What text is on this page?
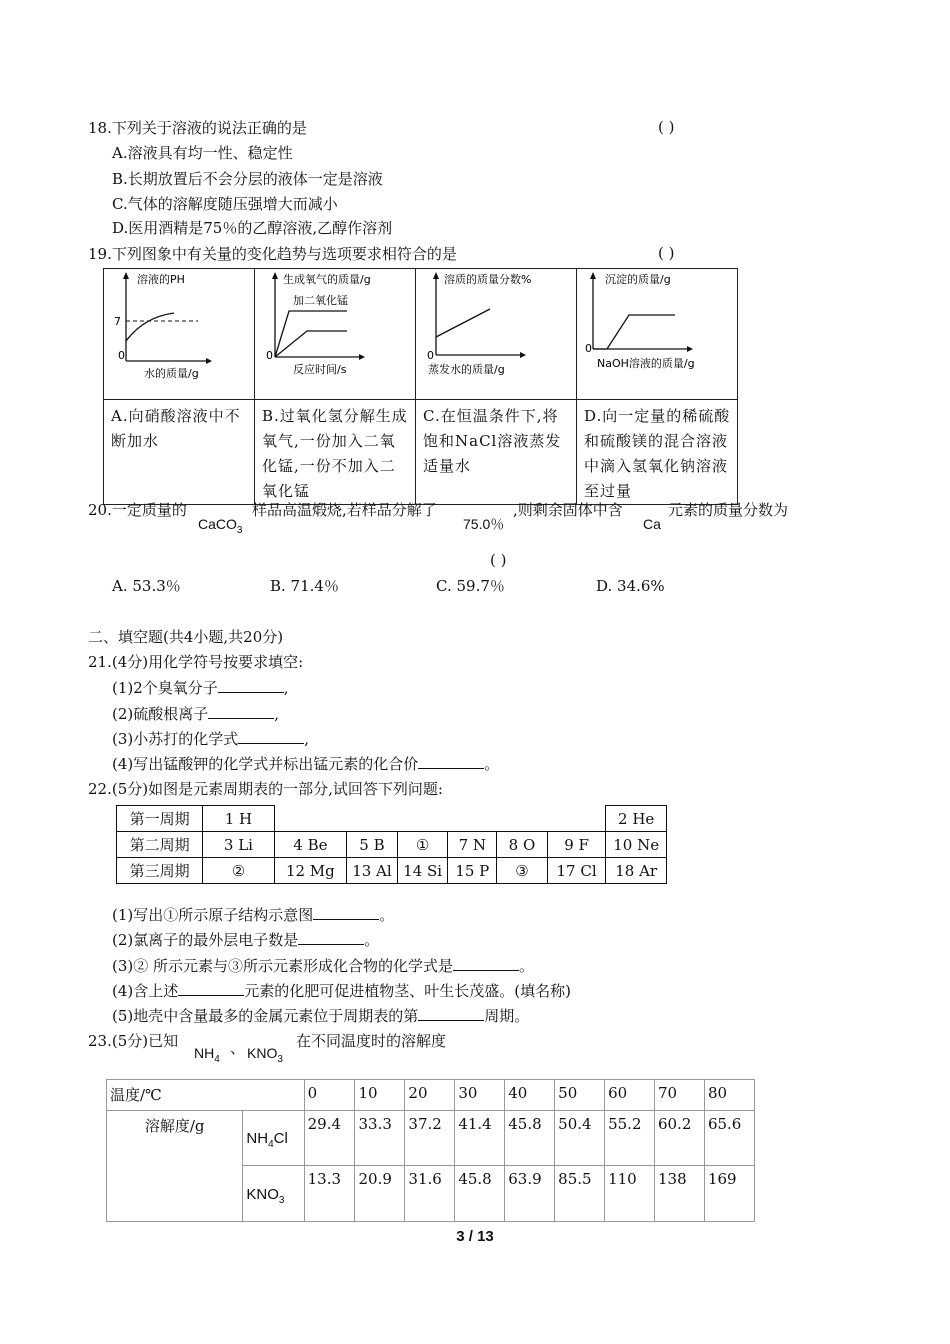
18.下列关于溶液的说法正确的是	( )
A.溶液具有均一性、稳定性
B.长期放置后不会分层的液体一定是溶液
C.气体的溶解度随压强增大而减小
D.医用酒精是75％的乙醇溶液,乙醇作溶剂
19.下列图象中有关量的变化趋势与选项要求相符合的是	( )
溶液的PH
7
0
水的质量/g	生成氧气的质量/g
加二氧化锰
0
反应时间/s	溶质的质量分数%
0
蒸发水的质量/g	沉淀的质量/g
0
NaOH溶液的质量/g

A.向硝酸溶液中不断加水	B.过氧化氢分解生成氧气,一份加入二氧化锰,一份不加入二氧化锰	C.在恒温条件下,将饱和NaCl溶液蒸发适量水	D.向一定量的稀硫酸和硫酸镁的混合溶液中滴入氢氧化钠溶液至过量
20.一定质量的
CaCO$_3$
样品高温煅烧,若样品分解了
75.0％
,则剩余固体中含
Ca
元素的质量分数为
( )
A. 53.3％	B. 71.4％	C. 59.7％	D. 34.6%
二、填空题(共4小题,共20分)
21.(4分)用化学符号按要求填空:
(1)2个臭氧分子	,
(2)硫酸根离子	,
(3)小苏打的化学式	,
(4)写出锰酸钾的化学式并标出锰元素的化合价	。
22.(5分)如图是元素周期表的一部分,试回答下列问题:
第一周期	1 H							2 He
第二周期	3 Li	4 Be	5 B	①	7 N	8 O	9 F	10 Ne
第三周期	②	12 Mg	13 Al	14 Si	15 P	③	17 Cl	18 Ar
(1)写出①所示原子结构示意图	。
(2)氯离子的最外层电子数是	。
(3)② 所示元素与③所示元素形成化合物的化学式是	。
(4)含上述	元素的化肥可促进植物茎、叶生长茂盛。(填名称)
(5)地壳中含量最多的金属元素位于周期表的第	周期。
23.(5分)已知
$NH_4$
、 $KNO_3$
在不同温度时的溶解度
温度/℃		0	10	20	30	40	50	60	70	80
溶解度/g	$NH_4Cl$	29.4	33.3	37.2	41.4	45.8	50.4	55.2	60.2	65.6
	$KNO_3$	13.3	20.9	31.6	45.8	63.9	85.5	110	138	169
3 / 13
